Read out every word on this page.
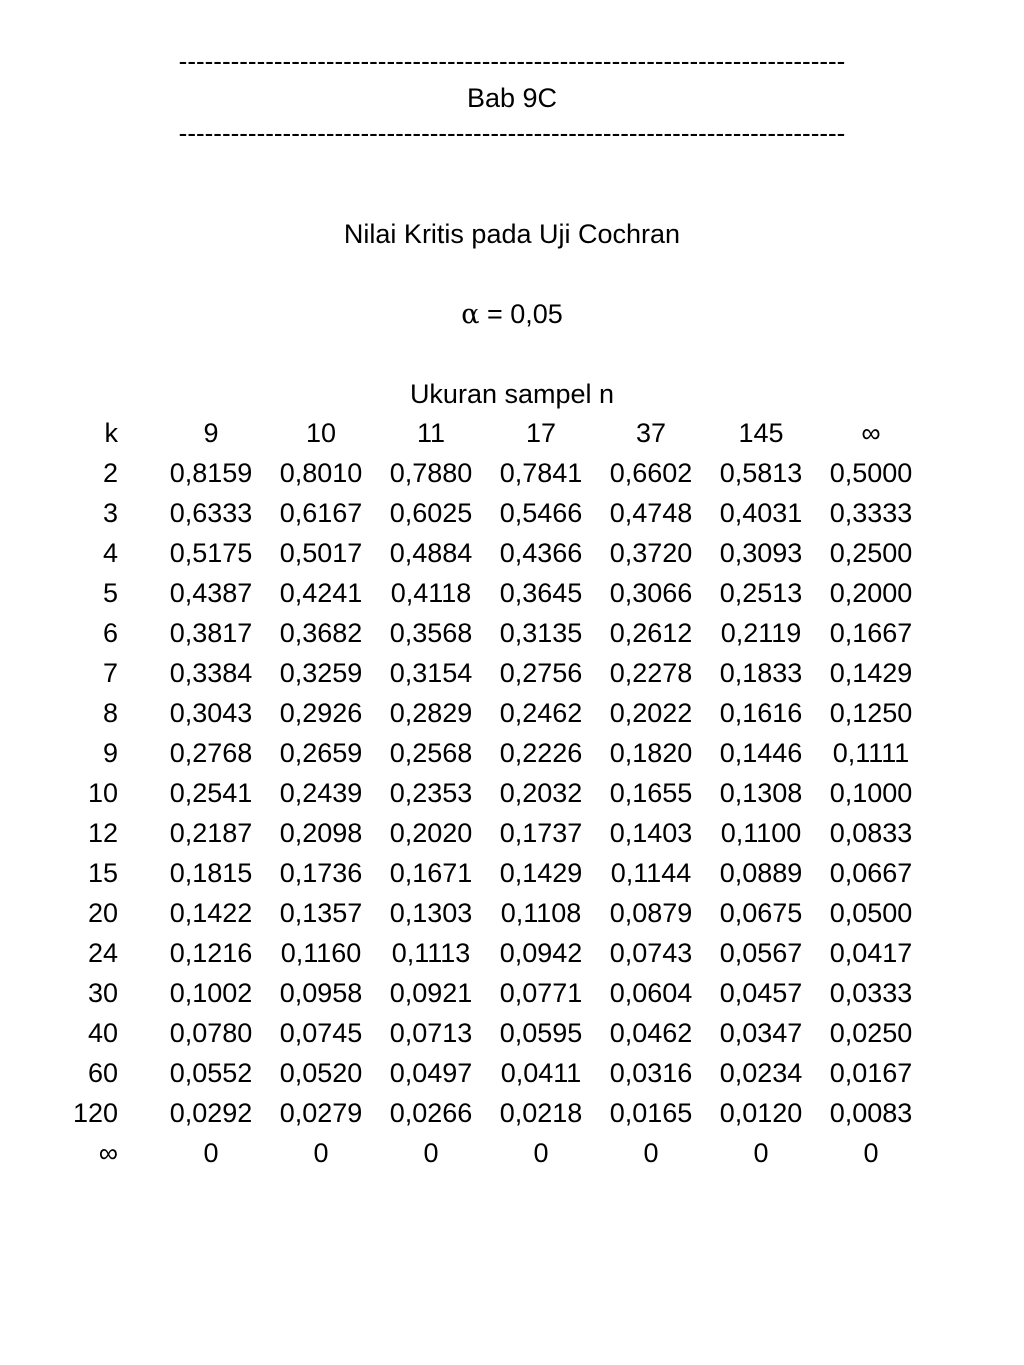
-----------------------------------------------------------------------------
Bab 9C
-----------------------------------------------------------------------------
Nilai Kritis pada Uji Cochran
α = 0,05
Ukuran sampel n
k		9	10	11	17	37	145	∞
2		0,8159	0,8010	0,7880	0,7841	0,6602	0,5813	0,5000
3		0,6333	0,6167	0,6025	0,5466	0,4748	0,4031	0,3333
4		0,5175	0,5017	0,4884	0,4366	0,3720	0,3093	0,2500
5		0,4387	0,4241	0,4118	0,3645	0,3066	0,2513	0,2000
6		0,3817	0,3682	0,3568	0,3135	0,2612	0,2119	0,1667
7		0,3384	0,3259	0,3154	0,2756	0,2278	0,1833	0,1429
8		0,3043	0,2926	0,2829	0,2462	0,2022	0,1616	0,1250
9		0,2768	0,2659	0,2568	0,2226	0,1820	0,1446	0,1111
10		0,2541	0,2439	0,2353	0,2032	0,1655	0,1308	0,1000
12		0,2187	0,2098	0,2020	0,1737	0,1403	0,1100	0,0833
15		0,1815	0,1736	0,1671	0,1429	0,1144	0,0889	0,0667
20		0,1422	0,1357	0,1303	0,1108	0,0879	0,0675	0,0500
24		0,1216	0,1160	0,1113	0,0942	0,0743	0,0567	0,0417
30		0,1002	0,0958	0,0921	0,0771	0,0604	0,0457	0,0333
40		0,0780	0,0745	0,0713	0,0595	0,0462	0,0347	0,0250
60		0,0552	0,0520	0,0497	0,0411	0,0316	0,0234	0,0167
120		0,0292	0,0279	0,0266	0,0218	0,0165	0,0120	0,0083
∞		0	0	0	0	0	0	0
